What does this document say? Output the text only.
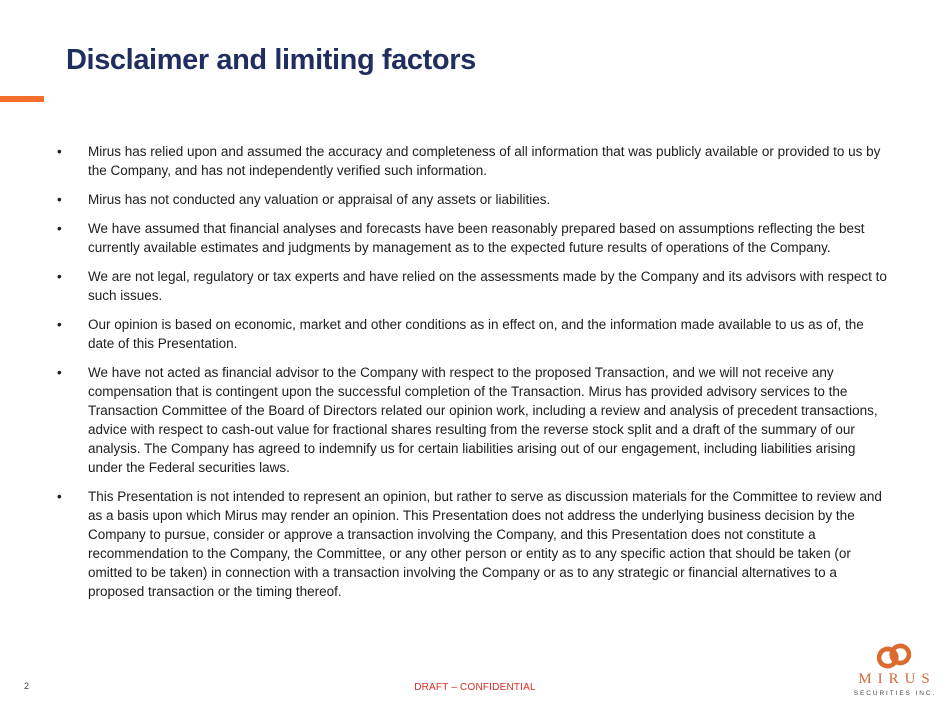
Disclaimer and limiting factors
•	Mirus has relied upon and assumed the accuracy and completeness of all information that was publicly available or provided to us by the Company, and has not independently verified such information.
•	Mirus has not conducted any valuation or appraisal of any assets or liabilities.
•	We have assumed that financial analyses and forecasts have been reasonably prepared based on assumptions reflecting the best currently available estimates and judgments by management as to the expected future results of operations of the Company.
•	We are not legal, regulatory or tax experts and have relied on the assessments made by the Company and its advisors with respect to such issues.
•	Our opinion is based on economic, market and other conditions as in effect on, and the information made available to us as of, the date of this Presentation.
•	We have not acted as financial advisor to the Company with respect to the proposed Transaction, and we will not receive any compensation that is contingent upon the successful completion of the Transaction. Mirus has provided advisory services to the Transaction Committee of the Board of Directors related our opinion work, including a review and analysis of precedent transactions, advice with respect to cash-out value for fractional shares resulting from the reverse stock split and a draft of the summary of our analysis. The Company has agreed to indemnify us for certain liabilities arising out of our engagement, including liabilities arising under the Federal securities laws.
•	This Presentation is not intended to represent an opinion, but rather to serve as discussion materials for the Committee to review and as a basis upon which Mirus may render an opinion. This Presentation does not address the underlying business decision by the Company to pursue, consider or approve a transaction involving the Company, and this Presentation does not constitute a recommendation to the Company, the Committee, or any other person or entity as to any specific action that should be taken (or omitted to be taken) in connection with a transaction involving the Company or as to any strategic or financial alternatives to a proposed transaction or the timing thereof.
2	DRAFT – CONFIDENTIAL
MIRUS
SECURITIES INC.
